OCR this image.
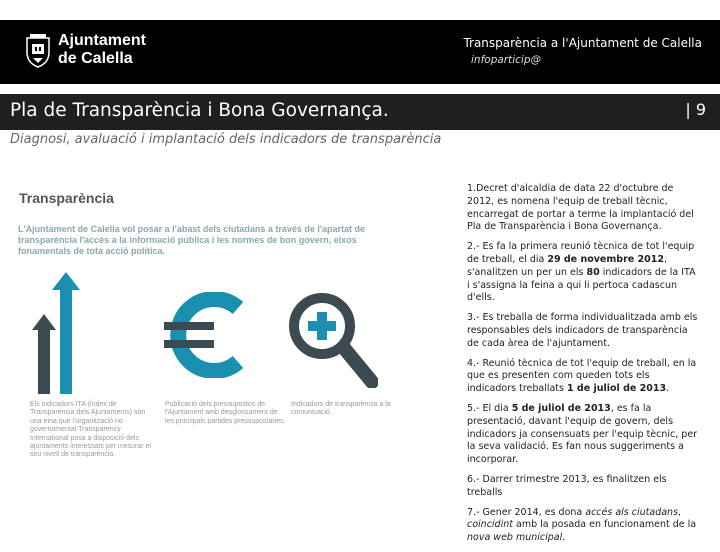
Ajuntament
de Calella
Transparència a l'Ajuntament de Calella
infoparticip@
Pla de Transparència i Bona Governança.	| 9
Diagnosi, avaluació i implantació dels indicadors de transparència
Transparència
L'Ajuntament de Calella vol posar a l'abast dels ciutadans a través de l'apartat de transparència l'accés a la informació pública i les normes de bon govern, eixos fonamentals de tota acció política.
Els indicadors ITA (Índex de Transparència dels Ajuntaments) són una eina que l'organització no governamental Transparency International posa a disposició dels ajuntaments interessats per mesurar el seu nivell de transparència.
Publicació dels pressupostos de l'Ajuntament amb desglossament de les principals partides pressupostàries.
Indicadors de transparència a la comunicació.

1.Decret d'alcaldia de data 22 d'octubre de 2012, es nomena l'equip de treball tècnic, encarregat de portar a terme la implantació del Pla de Transparència i Bona Governança.

2.- Es fa la primera reunió tècnica de tot l'equip de treball, el dia 29 de novembre 2012, s'analitzen un per un els 80 indicadors de la ITA i s'assigna la feina a qui li pertoca cadascun d'ells.

3.- Es treballa de forma individualitzada amb els responsables dels indicadors de transparència de cada àrea de l'ajuntament.

4.- Reunió tècnica de tot l'equip de treball, en la que es presenten com queden tots els indicadors treballats 1 de juliol de 2013.

5.- El dia 5 de juliol de 2013, es fa la presentació, davant l'equip de govern, dels indicadors ja consensuats per l'equip tècnic, per la seva validació. Es fan nous suggeriments a incorporar.

6.- Darrer trimestre 2013, es finalitzen els treballs

7.- Gener 2014, es dona accés als ciutadans, coincidint amb la posada en funcionament de la nova web municipal.
